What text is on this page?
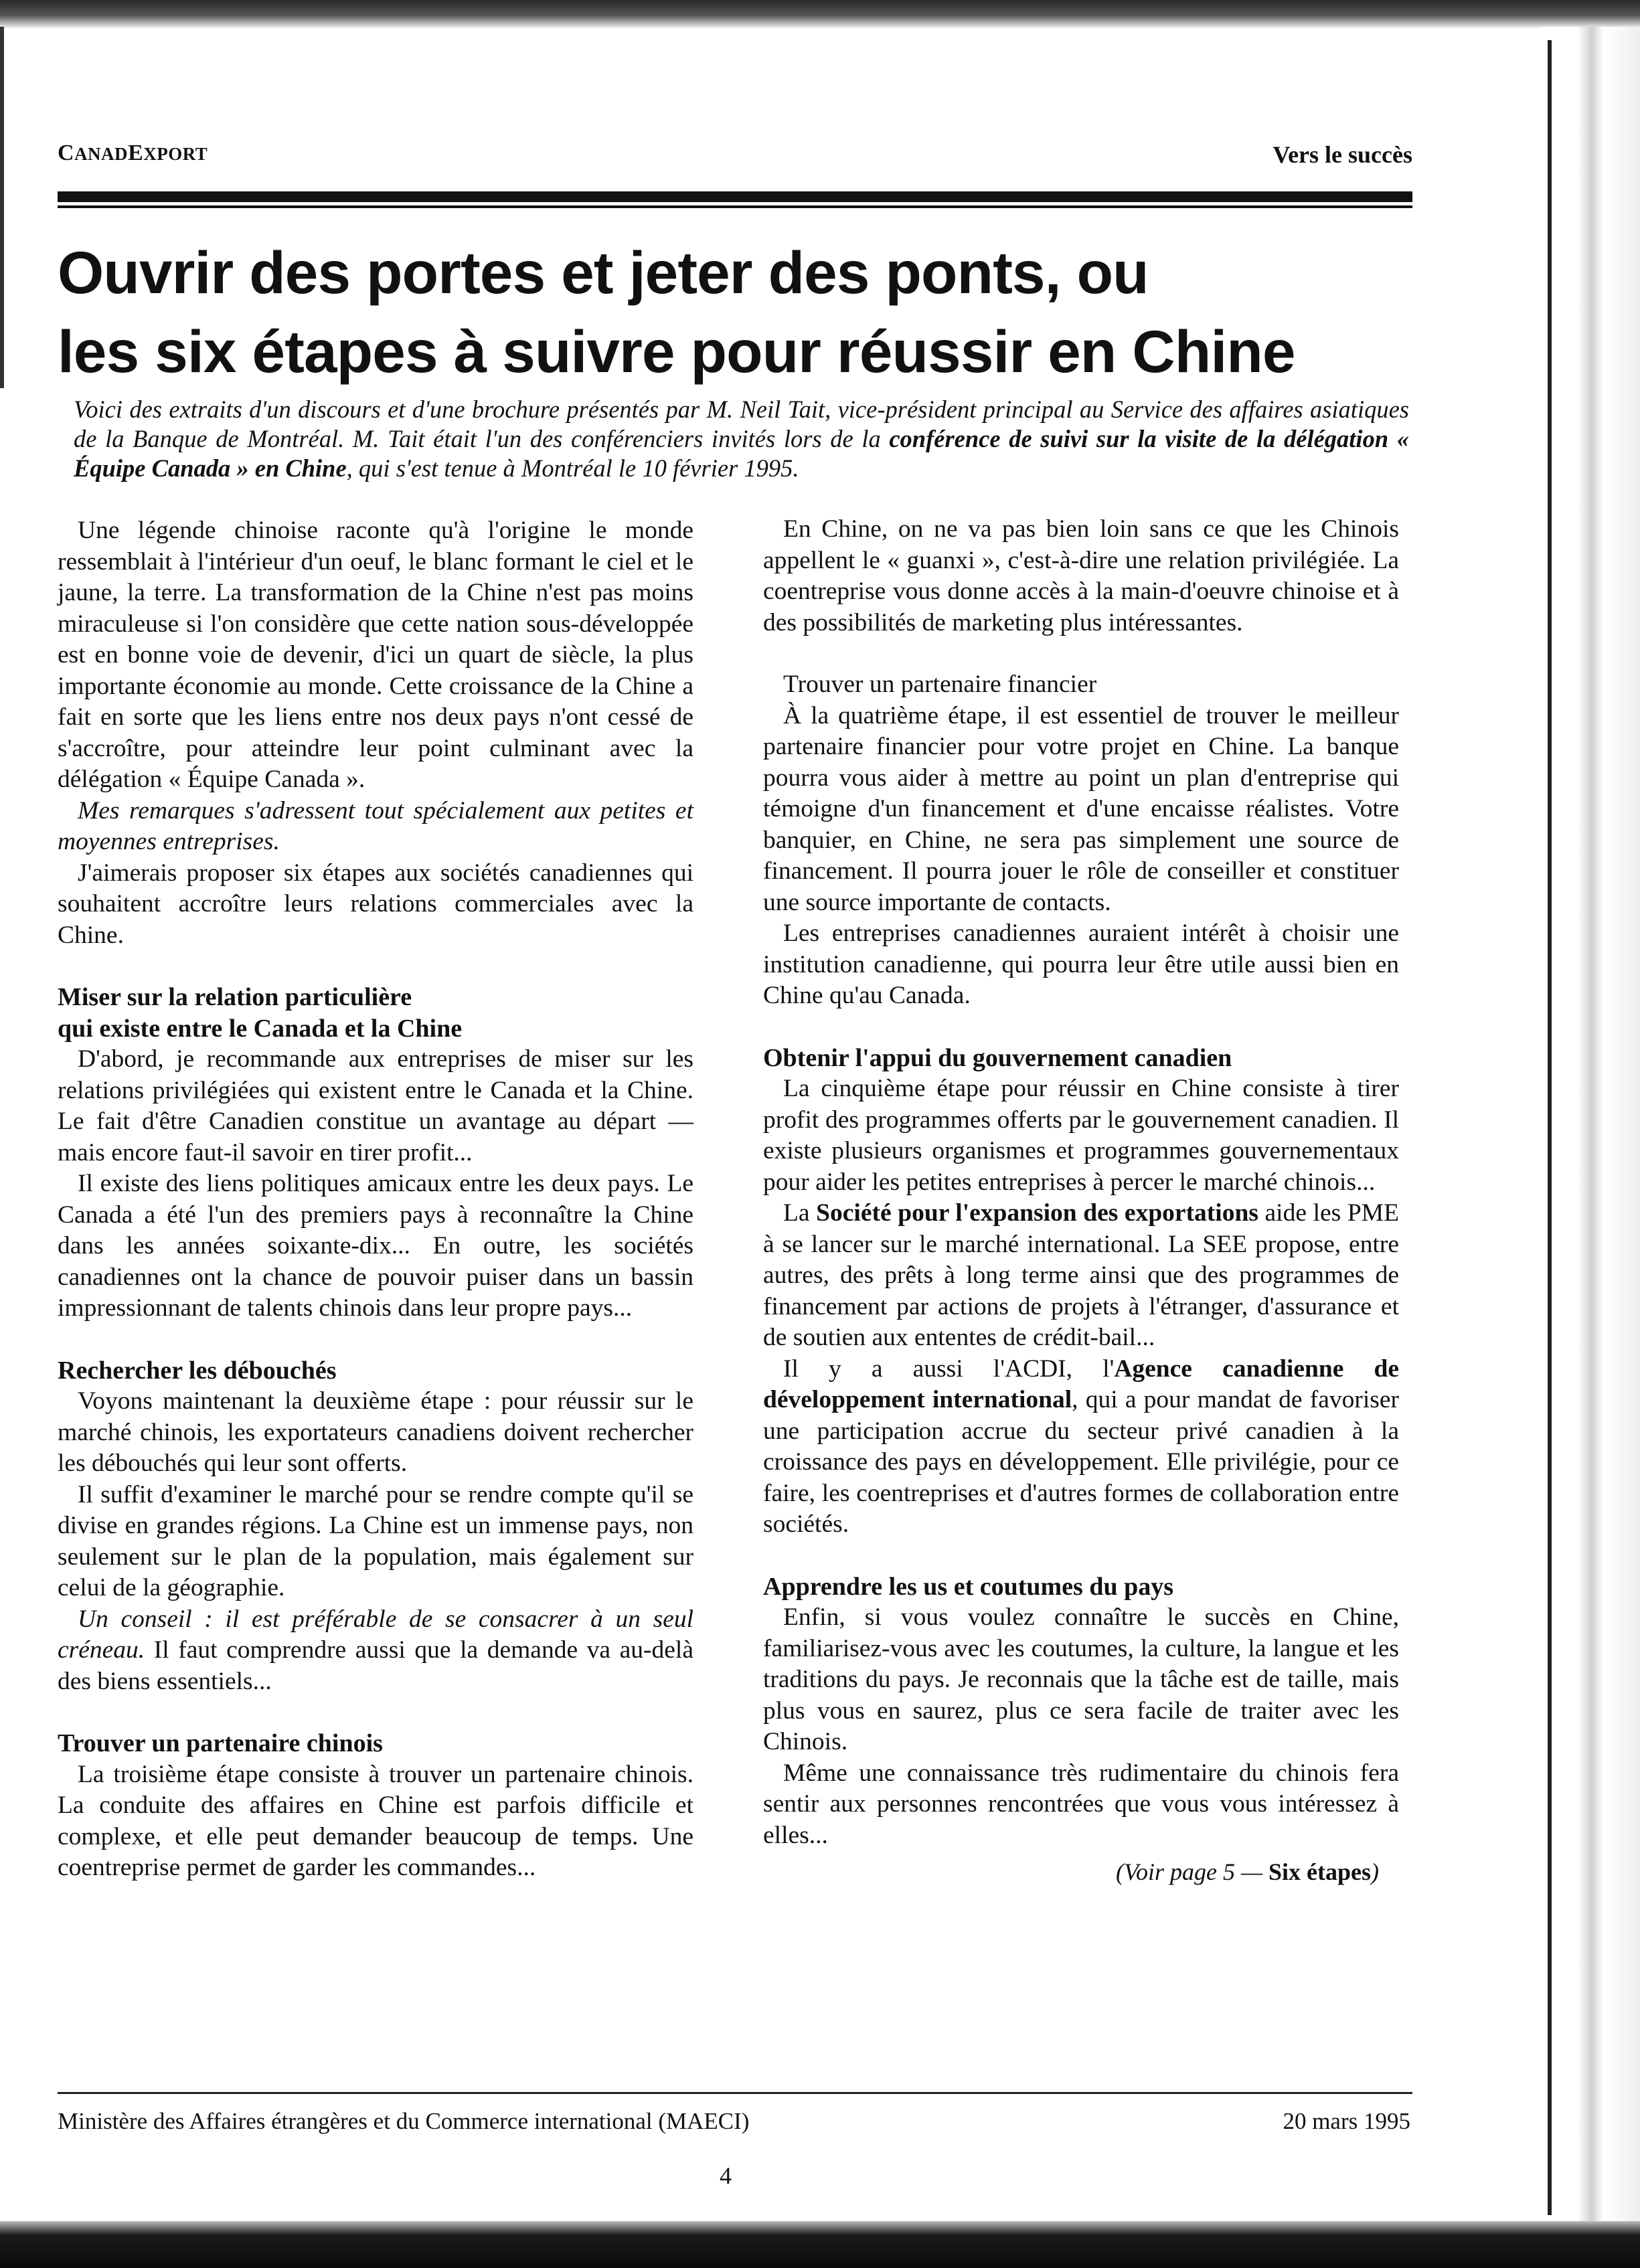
CANADEXPORT	Vers le succès
Ouvrir des portes et jeter des ponts, ou
les six étapes à suivre pour réussir en Chine

Voici des extraits d'un discours et d'une brochure présentés par M. Neil Tait, vice-président principal au Service des affaires asiatiques de la Banque de Montréal. M. Tait était l'un des conférenciers invités lors de la conférence de suivi sur la visite de la délégation « Équipe Canada » en Chine, qui s'est tenue à Montréal le 10 février 1995.

Une légende chinoise raconte qu'à l'origine le monde ressemblait à l'intérieur d'un oeuf, le blanc formant le ciel et le jaune, la terre. La transformation de la Chine n'est pas moins miraculeuse si l'on considère que cette nation sous-développée est en bonne voie de devenir, d'ici un quart de siècle, la plus importante économie au monde. Cette croissance de la Chine a fait en sorte que les liens entre nos deux pays n'ont cessé de s'accroître, pour atteindre leur point culminant avec la délégation « Équipe Canada ».

Mes remarques s'adressent tout spécialement aux petites et moyennes entreprises.

J'aimerais proposer six étapes aux sociétés canadiennes qui souhaitent accroître leurs relations commerciales avec la Chine.

Miser sur la relation particulière
qui existe entre le Canada et la Chine

D'abord, je recommande aux entreprises de miser sur les relations privilégiées qui existent entre le Canada et la Chine. Le fait d'être Canadien constitue un avantage au départ — mais encore faut-il savoir en tirer profit...

Il existe des liens politiques amicaux entre les deux pays. Le Canada a été l'un des premiers pays à reconnaître la Chine dans les années soixante-dix... En outre, les sociétés canadiennes ont la chance de pouvoir puiser dans un bassin impressionnant de talents chinois dans leur propre pays...

Rechercher les débouchés

Voyons maintenant la deuxième étape : pour réussir sur le marché chinois, les exportateurs canadiens doivent rechercher les débouchés qui leur sont offerts.

Il suffit d'examiner le marché pour se rendre compte qu'il se divise en grandes régions. La Chine est un immense pays, non seulement sur le plan de la population, mais également sur celui de la géographie.

Un conseil : il est préférable de se consacrer à un seul créneau. Il faut comprendre aussi que la demande va au-delà des biens essentiels...

Trouver un partenaire chinois

La troisième étape consiste à trouver un partenaire chinois. La conduite des affaires en Chine est parfois difficile et complexe, et elle peut demander beaucoup de temps. Une coentreprise permet de garder les commandes...

En Chine, on ne va pas bien loin sans ce que les Chinois appellent le « guanxi », c'est-à-dire une relation privilégiée. La coentreprise vous donne accès à la main-d'oeuvre chinoise et à des possibilités de marketing plus intéressantes.

Trouver un partenaire financier

À la quatrième étape, il est essentiel de trouver le meilleur partenaire financier pour votre projet en Chine. La banque pourra vous aider à mettre au point un plan d'entreprise qui témoigne d'un financement et d'une encaisse réalistes. Votre banquier, en Chine, ne sera pas simplement une source de financement. Il pourra jouer le rôle de conseiller et constituer une source importante de contacts.

Les entreprises canadiennes auraient intérêt à choisir une institution canadienne, qui pourra leur être utile aussi bien en Chine qu'au Canada.

Obtenir l'appui du gouvernement canadien

La cinquième étape pour réussir en Chine consiste à tirer profit des programmes offerts par le gouvernement canadien. Il existe plusieurs organismes et programmes gouvernementaux pour aider les petites entreprises à percer le marché chinois...

La Société pour l'expansion des exportations aide les PME à se lancer sur le marché international. La SEE propose, entre autres, des prêts à long terme ainsi que des programmes de financement par actions de projets à l'étranger, d'assurance et de soutien aux ententes de crédit-bail...

Il y a aussi l'ACDI, l'Agence canadienne de développement international, qui a pour mandat de favoriser une participation accrue du secteur privé canadien à la croissance des pays en développement. Elle privilégie, pour ce faire, les coentreprises et d'autres formes de collaboration entre sociétés.

Apprendre les us et coutumes du pays

Enfin, si vous voulez connaître le succès en Chine, familiarisez-vous avec les coutumes, la culture, la langue et les traditions du pays. Je reconnais que la tâche est de taille, mais plus vous en saurez, plus ce sera facile de traiter avec les Chinois.

Même une connaissance très rudimentaire du chinois fera sentir aux personnes rencontrées que vous vous intéressez à elles...

(Voir page 5 — Six étapes)
Ministère des Affaires étrangères et du Commerce international (MAECI)	20 mars 1995
4
